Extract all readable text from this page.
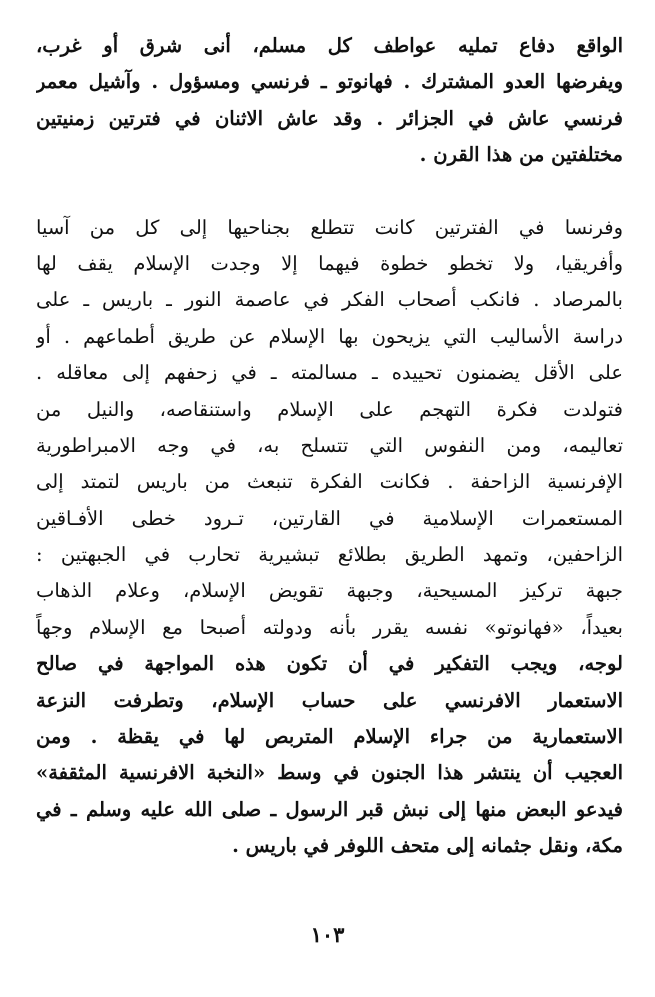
الواقع دفاع تمليه عواطف كل مسلم، أنى شرق أو غرب،
ويفرضها العدو المشترك . فهانوتو ـ فرنسي ومسؤول . وآشيل معمر
فرنسي عاش في الجزائر . وقد عاش الاثنان في فترتين زمنيتين
مختلفتين من هذا القرن .
وفرنسا في الفترتين كانت تتطلع بجناحيها إلى كل من آسيا
وأفريقيا، ولا تخطو خطوة فيهما إلا وجدت الإسلام يقف لها
بالمرصاد . فانكب أصحاب الفكر في عاصمة النور ـ باريس ـ على
دراسة الأساليب التي يزيحون بها الإسلام عن طريق أطماعهم . أو
على الأقل يضمنون تحييده ـ مسالمته ـ في زحفهم إلى معاقله .
فتولدت فكرة التهجم على الإسلام واستنقاصه، والنيل من
تعاليمه، ومن النفوس التي تتسلح به، في وجه الامبراطورية
الإفرنسية الزاحفة . فكانت الفكرة تنبعث من باريس لتمتد إلى
المستعمرات الإسلامية في القارتين، تـرود خطى الأفـاقين
الزاحفين، وتمهد الطريق بطلائع تبشيرية تحارب في الجبهتين :
جبهة تركيز المسيحية، وجبهة تقويض الإسلام، وعلام الذهاب
بعيداً، «فهانوتو» نفسه يقرر بأنه ودولته أصبحا مع الإسلام وجهاً
لوجه، ويجب التفكير في أن تكون هذه المواجهة في صالح
الاستعمار الافرنسي على حساب الإسلام، وتطرفت النزعة
الاستعمارية من جراء الإسلام المتربص لها في يقظة . ومن
العجيب أن ينتشر هذا الجنون في وسط «النخبة الافرنسية المثقفة»
فيدعو البعض منها إلى نبش قبر الرسول ـ صلى الله عليه وسلم ـ في
مكة، ونقل جثمانه إلى متحف اللوفر في باريس .
١٠٣
